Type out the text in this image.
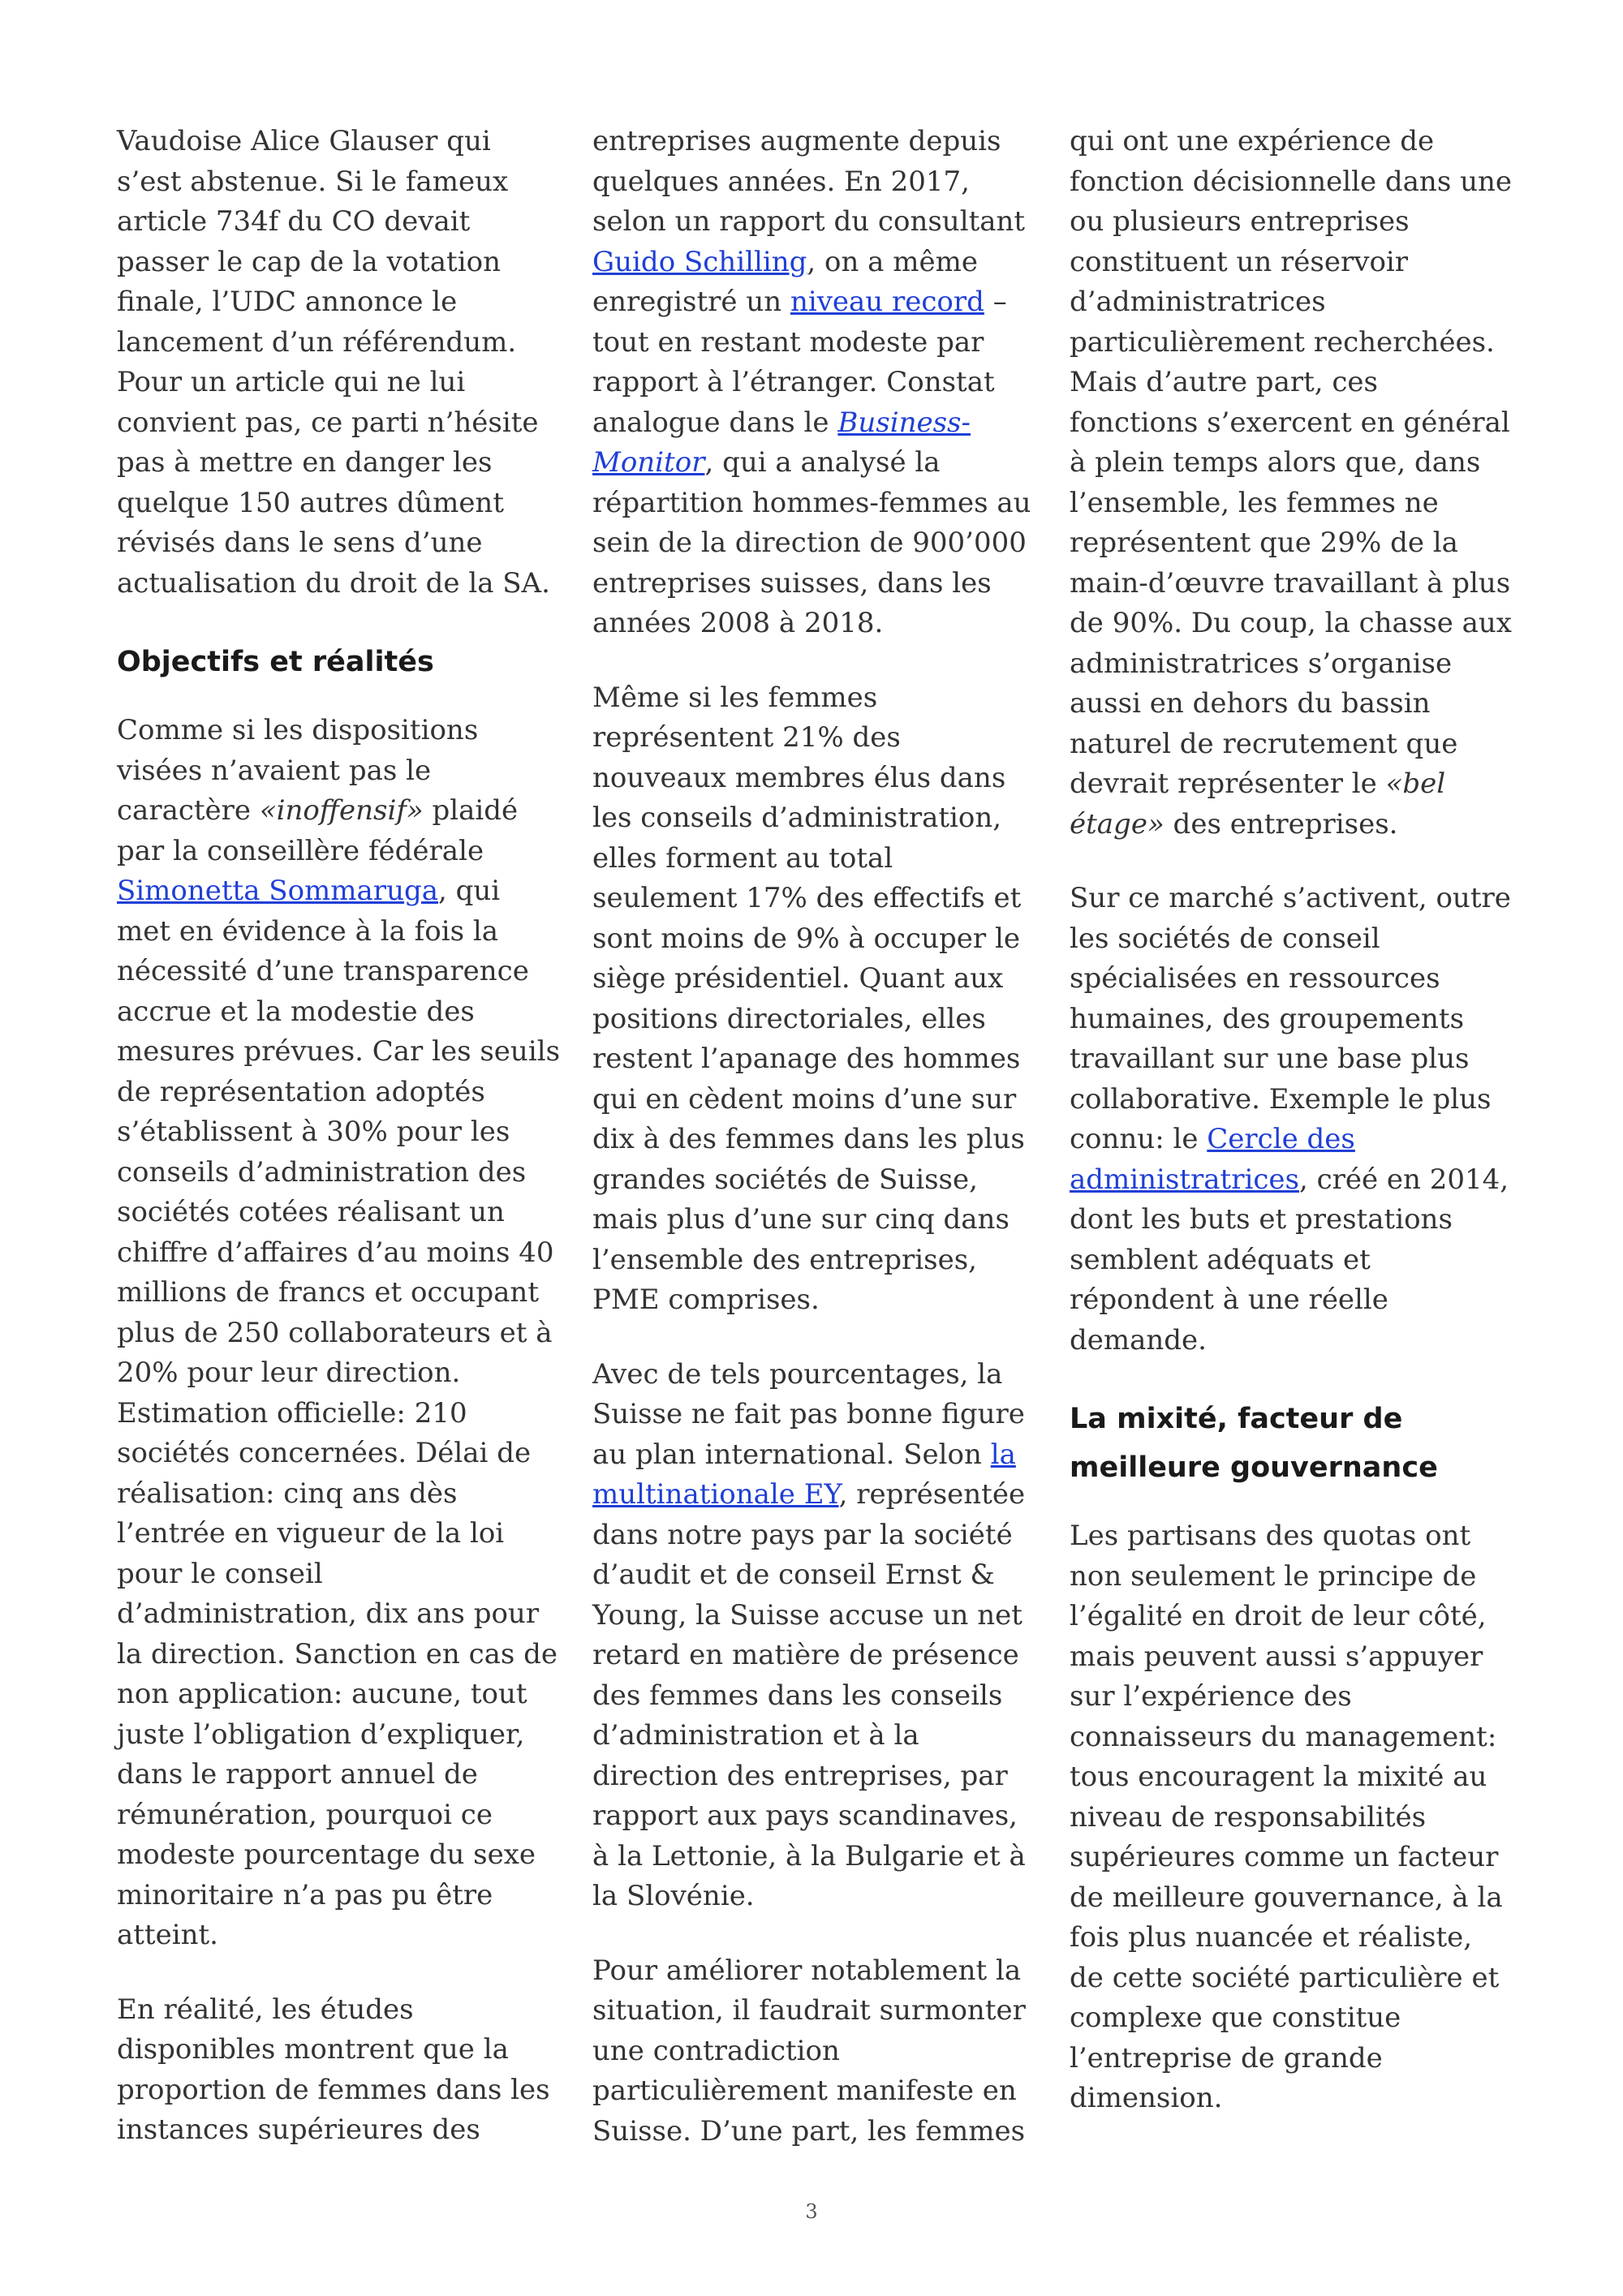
Vaudoise Alice Glauser qui s’est abstenue. Si le fameux article 734f du CO devait passer le cap de la votation finale, l’UDC annonce le lancement d’un référendum. Pour un article qui ne lui convient pas, ce parti n’hésite pas à mettre en danger les quelque 150 autres dûment révisés dans le sens d’une actualisation du droit de la SA.

Objectifs et réalités

Comme si les dispositions visées n’avaient pas le caractère «inoffensif» plaidé par la conseillère fédérale Simonetta Sommaruga, qui met en évidence à la fois la nécessité d’une transparence accrue et la modestie des mesures prévues. Car les seuils de représentation adoptés s’établissent à 30% pour les conseils d’administration des sociétés cotées réalisant un chiffre d’affaires d’au moins 40 millions de francs et occupant plus de 250 collaborateurs et à 20% pour leur direction. Estimation officielle: 210 sociétés concernées. Délai de réalisation: cinq ans dès l’entrée en vigueur de la loi pour le conseil d’administration, dix ans pour la direction. Sanction en cas de non application: aucune, tout juste l’obligation d’expliquer, dans le rapport annuel de rémunération, pourquoi ce modeste pourcentage du sexe minoritaire n’a pas pu être atteint.

En réalité, les études disponibles montrent que la proportion de femmes dans les instances supérieures des

entreprises augmente depuis quelques années. En 2017, selon un rapport du consultant Guido Schilling, on a même enregistré un niveau record – tout en restant modeste par rapport à l’étranger. Constat analogue dans le Business-Monitor, qui a analysé la répartition hommes-femmes au sein de la direction de 900’000 entreprises suisses, dans les années 2008 à 2018.

Même si les femmes représentent 21% des nouveaux membres élus dans les conseils d’administration, elles forment au total seulement 17% des effectifs et sont moins de 9% à occuper le siège présidentiel. Quant aux positions directoriales, elles restent l’apanage des hommes qui en cèdent moins d’une sur dix à des femmes dans les plus grandes sociétés de Suisse, mais plus d’une sur cinq dans l’ensemble des entreprises, PME comprises.

Avec de tels pourcentages, la Suisse ne fait pas bonne figure au plan international. Selon la multinationale EY, représentée dans notre pays par la société d’audit et de conseil Ernst & Young, la Suisse accuse un net retard en matière de présence des femmes dans les conseils d’administration et à la direction des entreprises, par rapport aux pays scandinaves, à la Lettonie, à la Bulgarie et à la Slovénie.

Pour améliorer notablement la situation, il faudrait surmonter une contradiction particulièrement manifeste en Suisse. D’une part, les femmes

qui ont une expérience de fonction décisionnelle dans une ou plusieurs entreprises constituent un réservoir d’administratrices particulièrement recherchées. Mais d’autre part, ces fonctions s’exercent en général à plein temps alors que, dans l’ensemble, les femmes ne représentent que 29% de la main-d’œuvre travaillant à plus de 90%. Du coup, la chasse aux administratrices s’organise aussi en dehors du bassin naturel de recrutement que devrait représenter le «bel étage» des entreprises.

Sur ce marché s’activent, outre les sociétés de conseil spécialisées en ressources humaines, des groupements travaillant sur une base plus collaborative. Exemple le plus connu: le Cercle des administratrices, créé en 2014, dont les buts et prestations semblent adéquats et répondent à une réelle demande.

La mixité, facteur de meilleure gouvernance

Les partisans des quotas ont non seulement le principe de l’égalité en droit de leur côté, mais peuvent aussi s’appuyer sur l’expérience des connaisseurs du management: tous encouragent la mixité au niveau de responsabilités supérieures comme un facteur de meilleure gouvernance, à la fois plus nuancée et réaliste, de cette société particulière et complexe que constitue l’entreprise de grande dimension.

3
